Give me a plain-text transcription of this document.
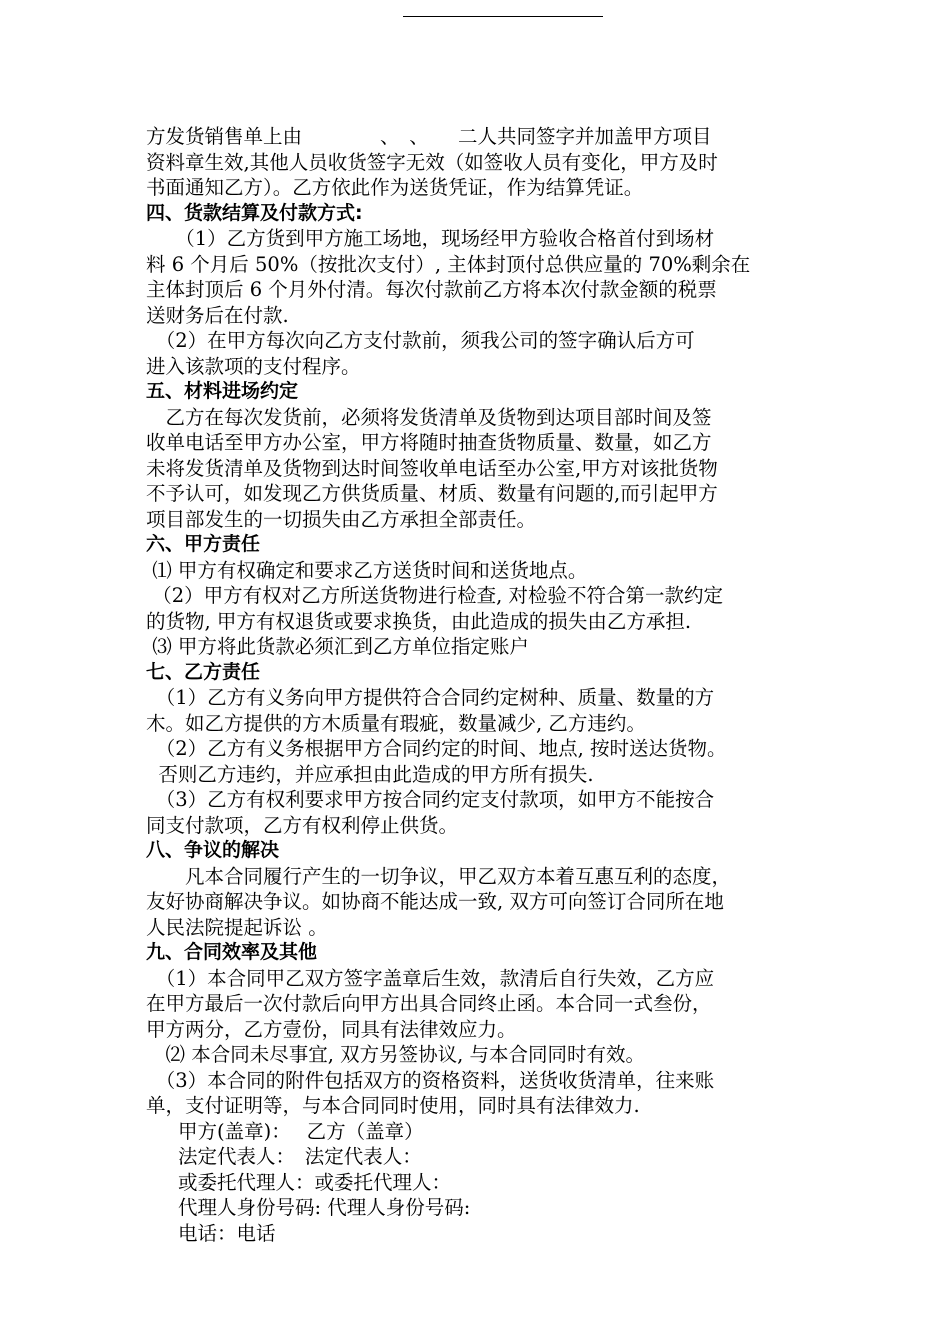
方发货销售单上由　　　　、　、　　二人共同签字并加盖甲方项目
资料章生效,其他人员收货签字无效（如签收人员有变化，甲方及时
书面通知乙方）。乙方依此作为送货凭证，作为结算凭证。
四、货款结算及付款方式:
　　（1）乙方货到甲方施工场地，现场经甲方验收合格首付到场材
料 6 个月后 50%（按批次支付）, 主体封顶付总供应量的 70%剩余在
主体封顶后 6 个月外付清。每次付款前乙方将本次付款金额的税票
送财务后在付款.
　（2）在甲方每次向乙方支付款前，须我公司的签字确认后方可
进入该款项的支付程序。
五、材料进场约定
　乙方在每次发货前，必须将发货清单及货物到达项目部时间及签
收单电话至甲方办公室，甲方将随时抽查货物质量、数量，如乙方
未将发货清单及货物到达时间签收单电话至办公室,甲方对该批货物
不予认可，如发现乙方供货质量、材质、数量有问题的,而引起甲方
项目部发生的一切损失由乙方承担全部责任。
六、甲方责任
⑴ 甲方有权确定和要求乙方送货时间和送货地点。
（2）甲方有权对乙方所送货物进行检查, 对检验不符合第一款约定
的货物, 甲方有权退货或要求换货，由此造成的损失由乙方承担.
⑶ 甲方将此货款必须汇到乙方单位指定账户
七、乙方责任
　（1）乙方有义务向甲方提供符合合同约定树种、质量、数量的方
木。如乙方提供的方木质量有瑕疵，数量减少, 乙方违约。
　（2）乙方有义务根据甲方合同约定的时间、地点, 按时送达货物。
否则乙方违约，并应承担由此造成的甲方所有损失.
　（3）乙方有权利要求甲方按合同约定支付款项，如甲方不能按合
同支付款项，乙方有权利停止供货。
八、争议的解决
　　凡本合同履行产生的一切争议，甲乙双方本着互惠互利的态度，
友好协商解决争议。如协商不能达成一致, 双方可向签订合同所在地
人民法院提起诉讼 。
九、合同效率及其他
　（1）本合同甲乙双方签字盖章后生效，款清后自行失效，乙方应
在甲方最后一次付款后向甲方出具合同终止函。本合同一式叁份，
甲方两分，乙方壹份，同具有法律效应力。
　⑵ 本合同未尽事宜, 双方另签协议, 与本合同同时有效。
　（3）本合同的附件包括双方的资格资料，送货收货清单，往来账
单，支付证明等，与本合同同时使用，同时具有法律效力.
甲方(盖章)：　 乙方（盖章）
法定代表人：　法定代表人：
或委托代理人：或委托代理人：
代理人身份号码: 代理人身份号码:
电话：电话
